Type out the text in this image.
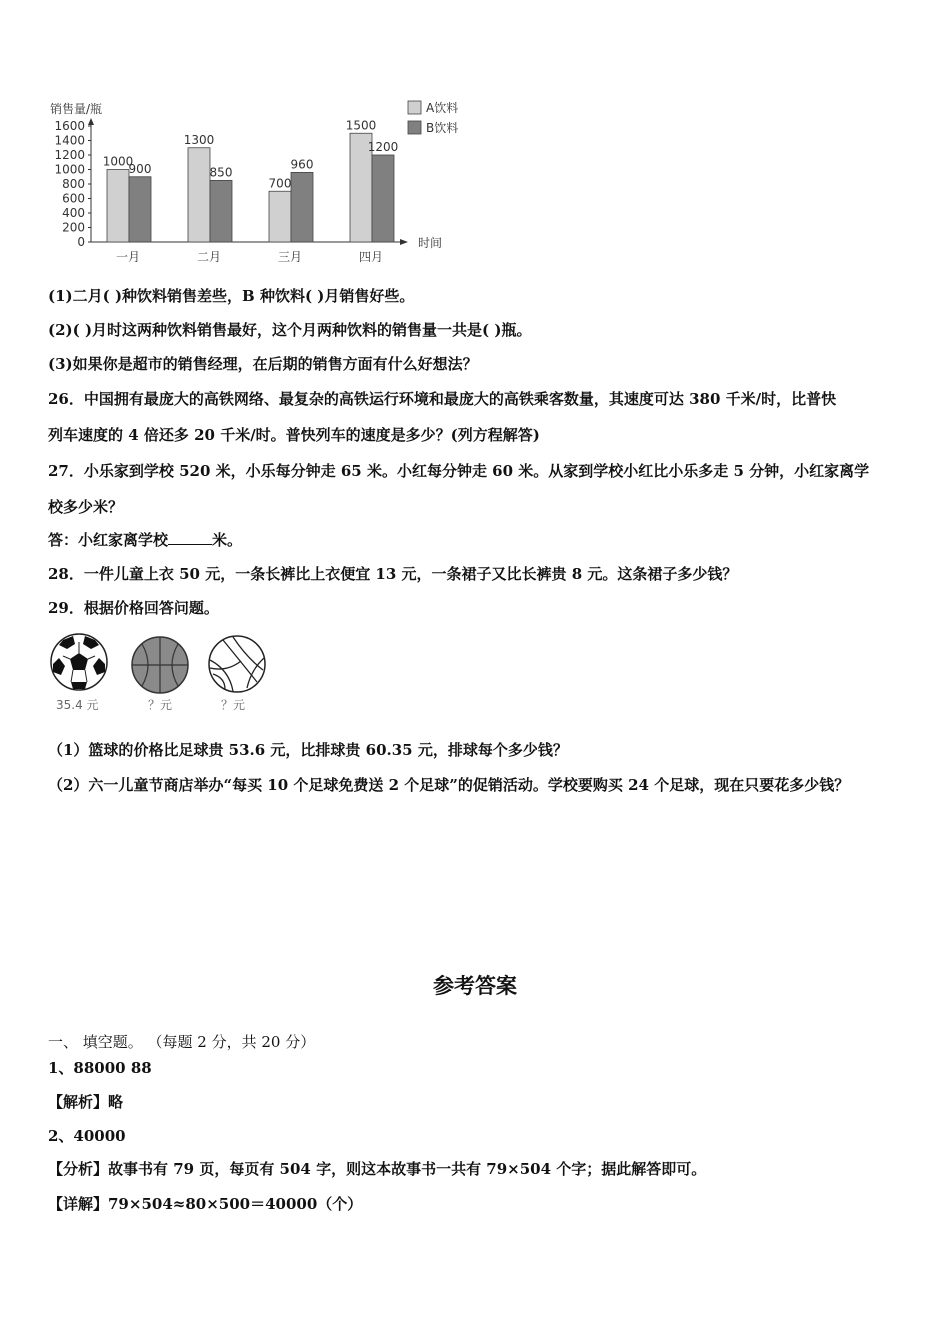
销售量/瓶
时间
0
200
400
600
800
1000
1200
1400
1600
1000
900
一月
1300
850
二月
700
960
三月
1500
1200
四月
A饮料
B饮料
(1)二月( )种饮料销售差些，B 种饮料( )月销售好些。
(2)( )月时这两种饮料销售最好，这个月两种饮料的销售量一共是( )瓶。
(3)如果你是超市的销售经理，在后期的销售方面有什么好想法？
26．中国拥有最庞大的高铁网络、最复杂的高铁运行环境和最庞大的高铁乘客数量，其速度可达 380 千米/时，比普快
列车速度的 4 倍还多 20 千米/时。普快列车的速度是多少？(列方程解答)
27．小乐家到学校 520 米，小乐每分钟走 65 米。小红每分钟走 60 米。从家到学校小红比小乐多走 5 分钟，小红家离学
校多少米？
答：小红家离学校	米。
28．一件儿童上衣 50 元，一条长裤比上衣便宜 13 元，一条裙子又比长裤贵 8 元。这条裙子多少钱？
29．根据价格回答问题。
35.4 元	？元	？元
（1）篮球的价格比足球贵 53.6 元，比排球贵 60.35 元，排球每个多少钱？
（2）六一儿童节商店举办“每买 10 个足球免费送 2 个足球”的促销活动。学校要购买 24 个足球，现在只要花多少钱？
参考答案
一、 填空题。 （每题 2 分，共 20 分）
1、88000 88
【解析】略
2、40000
【分析】故事书有 79 页，每页有 504 字，则这本故事书一共有 79×504 个字；据此解答即可。
【详解】79×504≈80×500＝40000（个）
